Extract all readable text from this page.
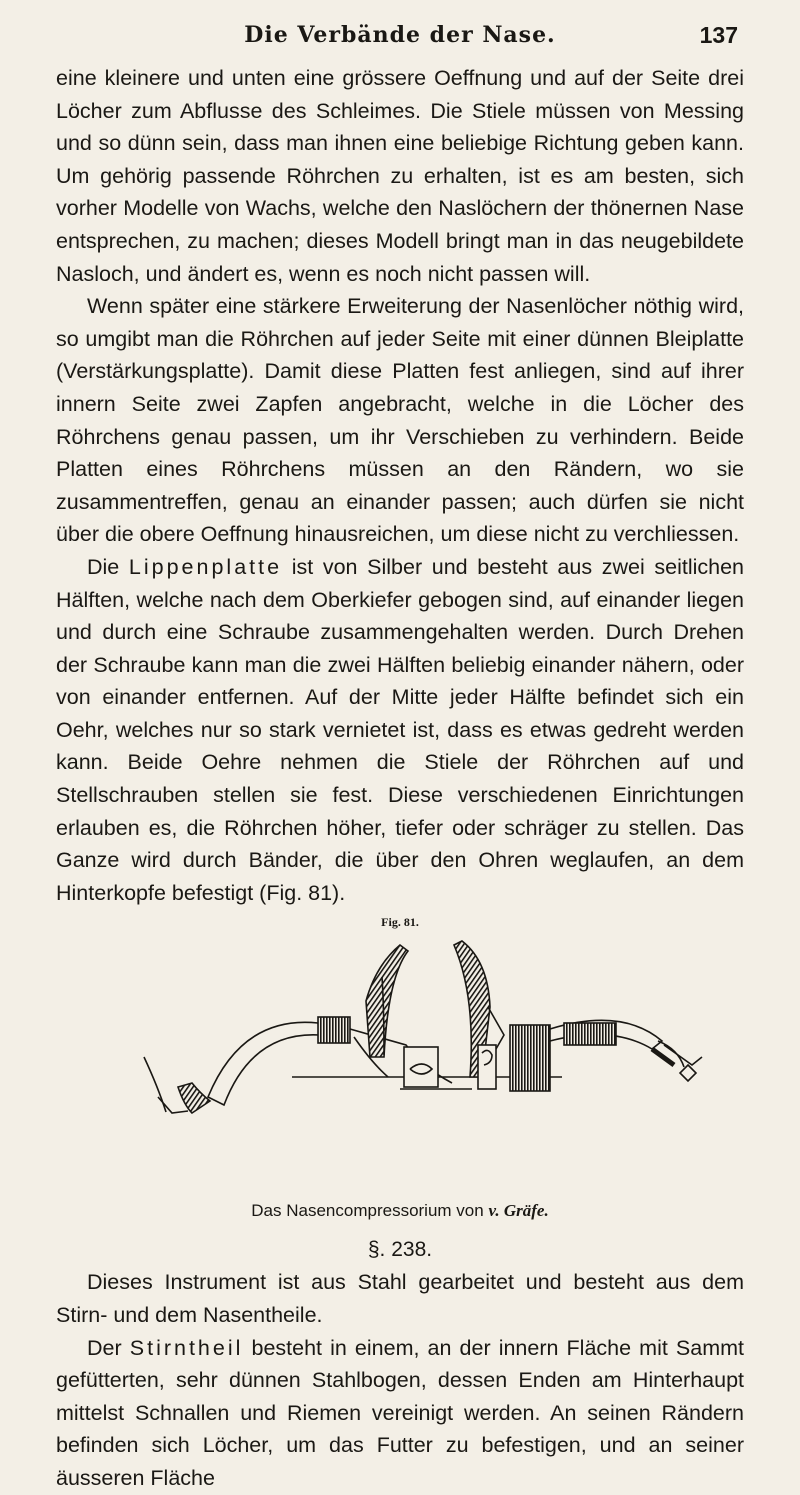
Die Verbände der Nase.	137

eine kleinere und unten eine grössere Oeffnung und auf der Seite drei Löcher zum Abflusse des Schleimes. Die Stiele müssen von Messing und so dünn sein, dass man ihnen eine beliebige Richtung geben kann. Um gehörig passende Röhrchen zu erhalten, ist es am besten, sich vorher Modelle von Wachs, welche den Naslöchern der thönernen Nase entsprechen, zu machen; dieses Modell bringt man in das neugebildete Nasloch, und ändert es, wenn es noch nicht passen will.

Wenn später eine stärkere Erweiterung der Nasenlöcher nöthig wird, so umgibt man die Röhrchen auf jeder Seite mit einer dünnen Bleiplatte (Verstärkungsplatte). Damit diese Platten fest anliegen, sind auf ihrer innern Seite zwei Zapfen angebracht, welche in die Löcher des Röhrchens genau passen, um ihr Verschieben zu verhindern. Beide Platten eines Röhrchens müssen an den Rändern, wo sie zusammentreffen, genau an einander passen; auch dürfen sie nicht über die obere Oeffnung hinausreichen, um diese nicht zu verchliessen.

Die Lippenplatte ist von Silber und besteht aus zwei seitlichen Hälften, welche nach dem Oberkiefer gebogen sind, auf einander liegen und durch eine Schraube zusammengehalten werden. Durch Drehen der Schraube kann man die zwei Hälften beliebig einander nähern, oder von einander entfernen. Auf der Mitte jeder Hälfte befindet sich ein Oehr, welches nur so stark vernietet ist, dass es etwas gedreht werden kann. Beide Oehre nehmen die Stiele der Röhrchen auf und Stellschrauben stellen sie fest. Diese verschiedenen Einrichtungen erlauben es, die Röhrchen höher, tiefer oder schräger zu stellen. Das Ganze wird durch Bänder, die über den Ohren weglaufen, an dem Hinterkopfe befestigt (Fig. 81).

Fig. 81.
Das Nasencompressorium von v. Gräfe.
§. 238.

Dieses Instrument ist aus Stahl gearbeitet und besteht aus dem Stirn- und dem Nasentheile.

Der Stirntheil besteht in einem, an der innern Fläche mit Sammt gefütterten, sehr dünnen Stahlbogen, dessen Enden am Hinterhaupt mittelst Schnallen und Riemen vereinigt werden. An seinen Rändern befinden sich Löcher, um das Futter zu befestigen, und an seiner äusseren Fläche
